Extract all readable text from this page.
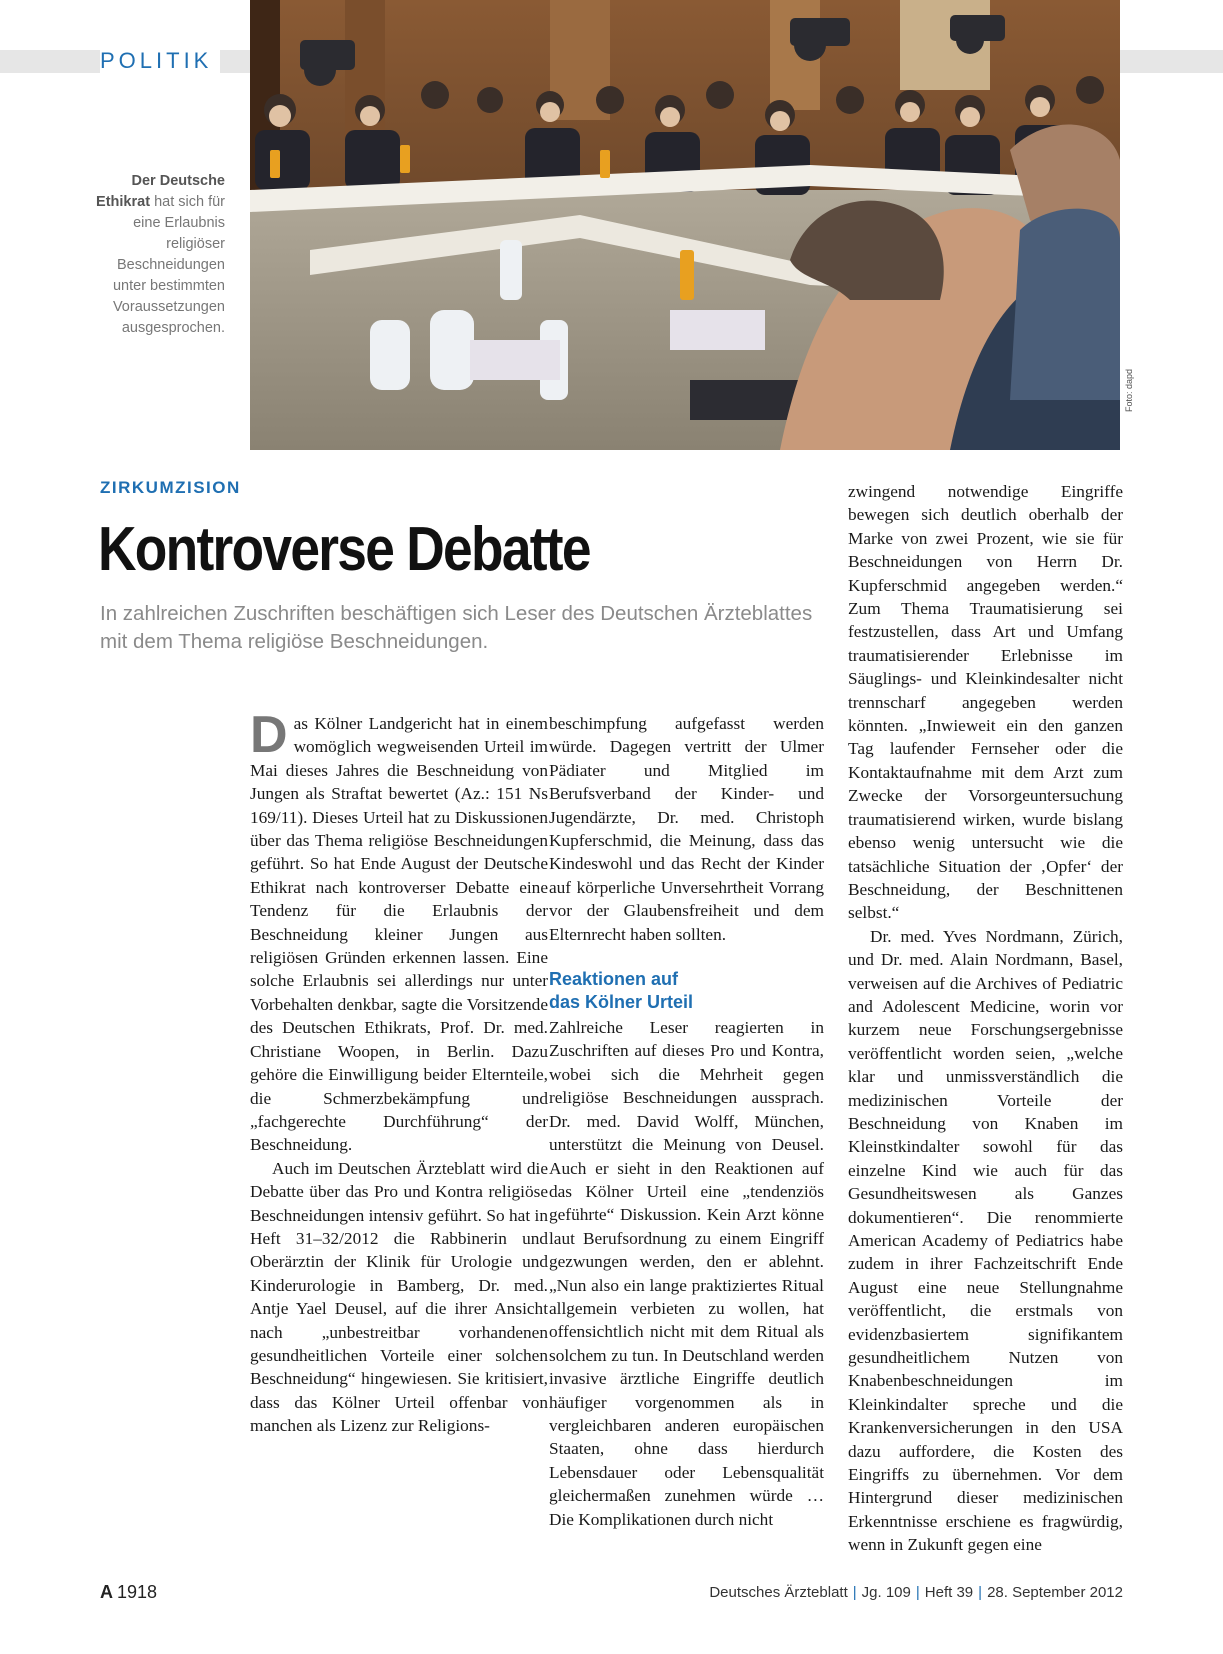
POLITIK
Foto: dapd
Der Deutsche Ethikrat hat sich für eine Erlaubnis religiöser Beschneidungen unter bestimmten Voraussetzungen ausgesprochen.
ZIRKUMZISION
Kontroverse Debatte
In zahlreichen Zuschriften beschäftigen sich Leser des Deutschen Ärzteblattes mit dem Thema religiöse Beschneidungen.

Das Kölner Landgericht hat in einem womöglich wegweisenden Urteil im Mai dieses Jahres die Beschneidung von Jungen als Straftat bewertet (Az.: 151 Ns 169/11). Dieses Urteil hat zu Diskussionen über das Thema religiöse Beschneidungen geführt. So hat Ende August der Deutsche Ethikrat nach kontroverser Debatte eine Tendenz für die Erlaubnis der Beschneidung kleiner Jungen aus religiösen Gründen erkennen lassen. Eine solche Erlaubnis sei allerdings nur unter Vorbehalten denkbar, sagte die Vorsitzende des Deutschen Ethikrats, Prof. Dr. med. Christiane Woopen, in Berlin. Dazu gehöre die Einwilligung beider Elternteile, die Schmerzbekämpfung und „fachgerechte Durchführung“ der Beschneidung.

Auch im Deutschen Ärzteblatt wird die Debatte über das Pro und Kontra religiöse Beschneidungen intensiv geführt. So hat in Heft 31–32/2012 die Rabbinerin und Oberärztin der Klinik für Urologie und Kinderurologie in Bamberg, Dr. med. Antje Yael Deusel, auf die ihrer Ansicht nach „unbestreitbar vorhandenen gesundheitlichen Vorteile einer solchen Beschneidung“ hingewiesen. Sie kritisiert, dass das Kölner Urteil offenbar von manchen als Lizenz zur Religions-

beschimpfung aufgefasst werden würde. Dagegen vertritt der Ulmer Pädiater und Mitglied im Berufsverband der Kinder- und Jugendärzte, Dr. med. Christoph Kupferschmid, die Meinung, dass das Kindeswohl und das Recht der Kinder auf körperliche Unversehrtheit Vorrang vor der Glaubensfreiheit und dem Elternrecht haben sollten.

Reaktionen auf
das Kölner Urteil

Zahlreiche Leser reagierten in Zuschriften auf dieses Pro und Kontra, wobei sich die Mehrheit gegen religiöse Beschneidungen aussprach. Dr. med. David Wolff, München, unterstützt die Meinung von Deusel. Auch er sieht in den Reaktionen auf das Kölner Urteil eine „tendenziös geführte“ Diskussion. Kein Arzt könne laut Berufsordnung zu einem Eingriff gezwungen werden, den er ablehnt. „Nun also ein lange praktiziertes Ritual allgemein verbieten zu wollen, hat offensichtlich nicht mit dem Ritual als solchem zu tun. In Deutschland werden invasive ärztliche Eingriffe deutlich häufiger vorgenommen als in vergleichbaren anderen europäischen Staaten, ohne dass hierdurch Lebensdauer oder Lebensqualität gleichermaßen zunehmen würde … Die Komplikationen durch nicht

zwingend notwendige Eingriffe bewegen sich deutlich oberhalb der Marke von zwei Prozent, wie sie für Beschneidungen von Herrn Dr. Kupferschmid angegeben werden.“ Zum Thema Traumatisierung sei festzustellen, dass Art und Umfang traumatisierender Erlebnisse im Säuglings- und Kleinkindesalter nicht trennscharf angegeben werden könnten. „Inwieweit ein den ganzen Tag laufender Fernseher oder die Kontaktaufnahme mit dem Arzt zum Zwecke der Vorsorgeuntersuchung traumatisierend wirken, wurde bislang ebenso wenig untersucht wie die tatsächliche Situation der ‚Opfer‘ der Beschneidung, der Beschnittenen selbst.“

Dr. med. Yves Nordmann, Zürich, und Dr. med. Alain Nordmann, Basel, verweisen auf die Archives of Pediatric and Adolescent Medicine, worin vor kurzem neue Forschungsergebnisse veröffentlicht worden seien, „welche klar und unmissverständlich die medizinischen Vorteile der Beschneidung von Knaben im Kleinstkindalter sowohl für das einzelne Kind wie auch für das Gesundheitswesen als Ganzes dokumentieren“. Die renommierte American Academy of Pediatrics habe zudem in ihrer Fachzeitschrift Ende August eine neue Stellungnahme veröffentlicht, die erstmals von evidenzbasiertem signifikantem gesundheitlichem Nutzen von Knabenbeschneidungen im Kleinkindalter spreche und die Krankenversicherungen in den USA dazu auffordere, die Kosten des Eingriffs zu übernehmen. Vor dem Hintergrund dieser medizinischen Erkenntnisse erschiene es fragwürdig, wenn in Zukunft gegen eine

A 1918	Deutsches Ärzteblatt | Jg. 109 | Heft 39 | 28. September 2012
